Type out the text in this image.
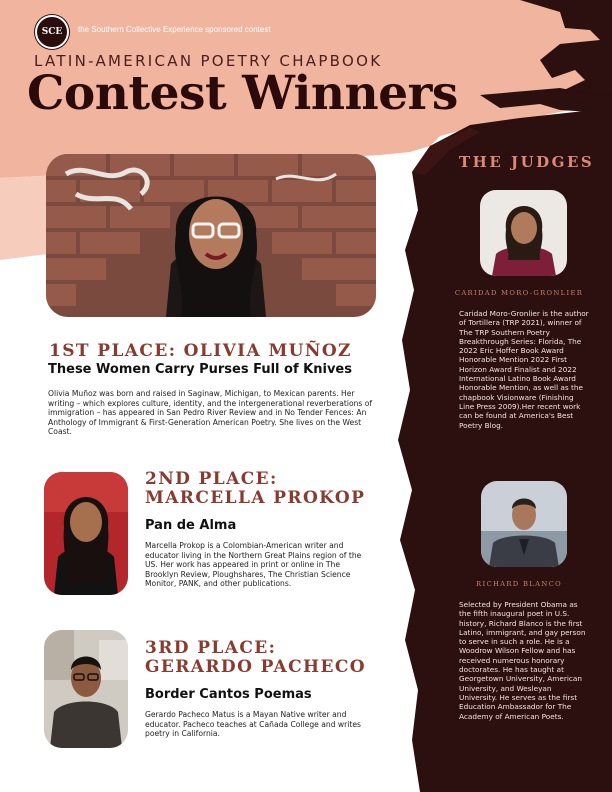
SCE	the Southern Collective Experience sponsored contest
LATIN-AMERICAN POETRY CHAPBOOK
Contest Winners
1ST PLACE: OLIVIA MUÑOZ
These Women Carry Purses Full of Knives
Olivia Muñoz was born and raised in Saginaw, Michigan, to Mexican parents. Her writing – which explores culture, identity, and the intergenerational reverberations of immigration – has appeared in San Pedro River Review and in No Tender Fences: An Anthology of Immigrant & First-Generation American Poetry. She lives on the West Coast.
2ND PLACE:
MARCELLA PROKOP
Pan de Alma
Marcella Prokop is a Colombian-American writer and educator living in the Northern Great Plains region of the US. Her work has appeared in print or online in The Brooklyn Review, Ploughshares, The Christian Science Monitor, PANK, and other publications.
3RD PLACE:
GERARDO PACHECO
Border Cantos Poemas
Gerardo Pacheco Matus is a Mayan Native writer and educator. Pacheco teaches at Cañada College and writes poetry in California.
THE JUDGES
CARIDAD MORO-GRONLIER
Caridad Moro-Gronlier is the author of Tortillera (TRP 2021), winner of The TRP Southern Poetry Breakthrough Series: Florida, The 2022 Eric Hoffer Book Award Honorable Mention 2022 First Horizon Award Finalist and 2022 International Latino Book Award Honorable Mention, as well as the chapbook Visionware (Finishing Line Press 2009).Her recent work can be found at America's Best Poetry Blog.
RICHARD BLANCO
Selected by President Obama as the fifth inaugural poet in U.S. history, Richard Blanco is the first Latino, immigrant, and gay person to serve in such a role. He is a Woodrow Wilson Fellow and has received numerous honorary doctorates. He has taught at Georgetown University, American University, and Wesleyan University. He serves as the first Education Ambassador for The Academy of American Poets.
